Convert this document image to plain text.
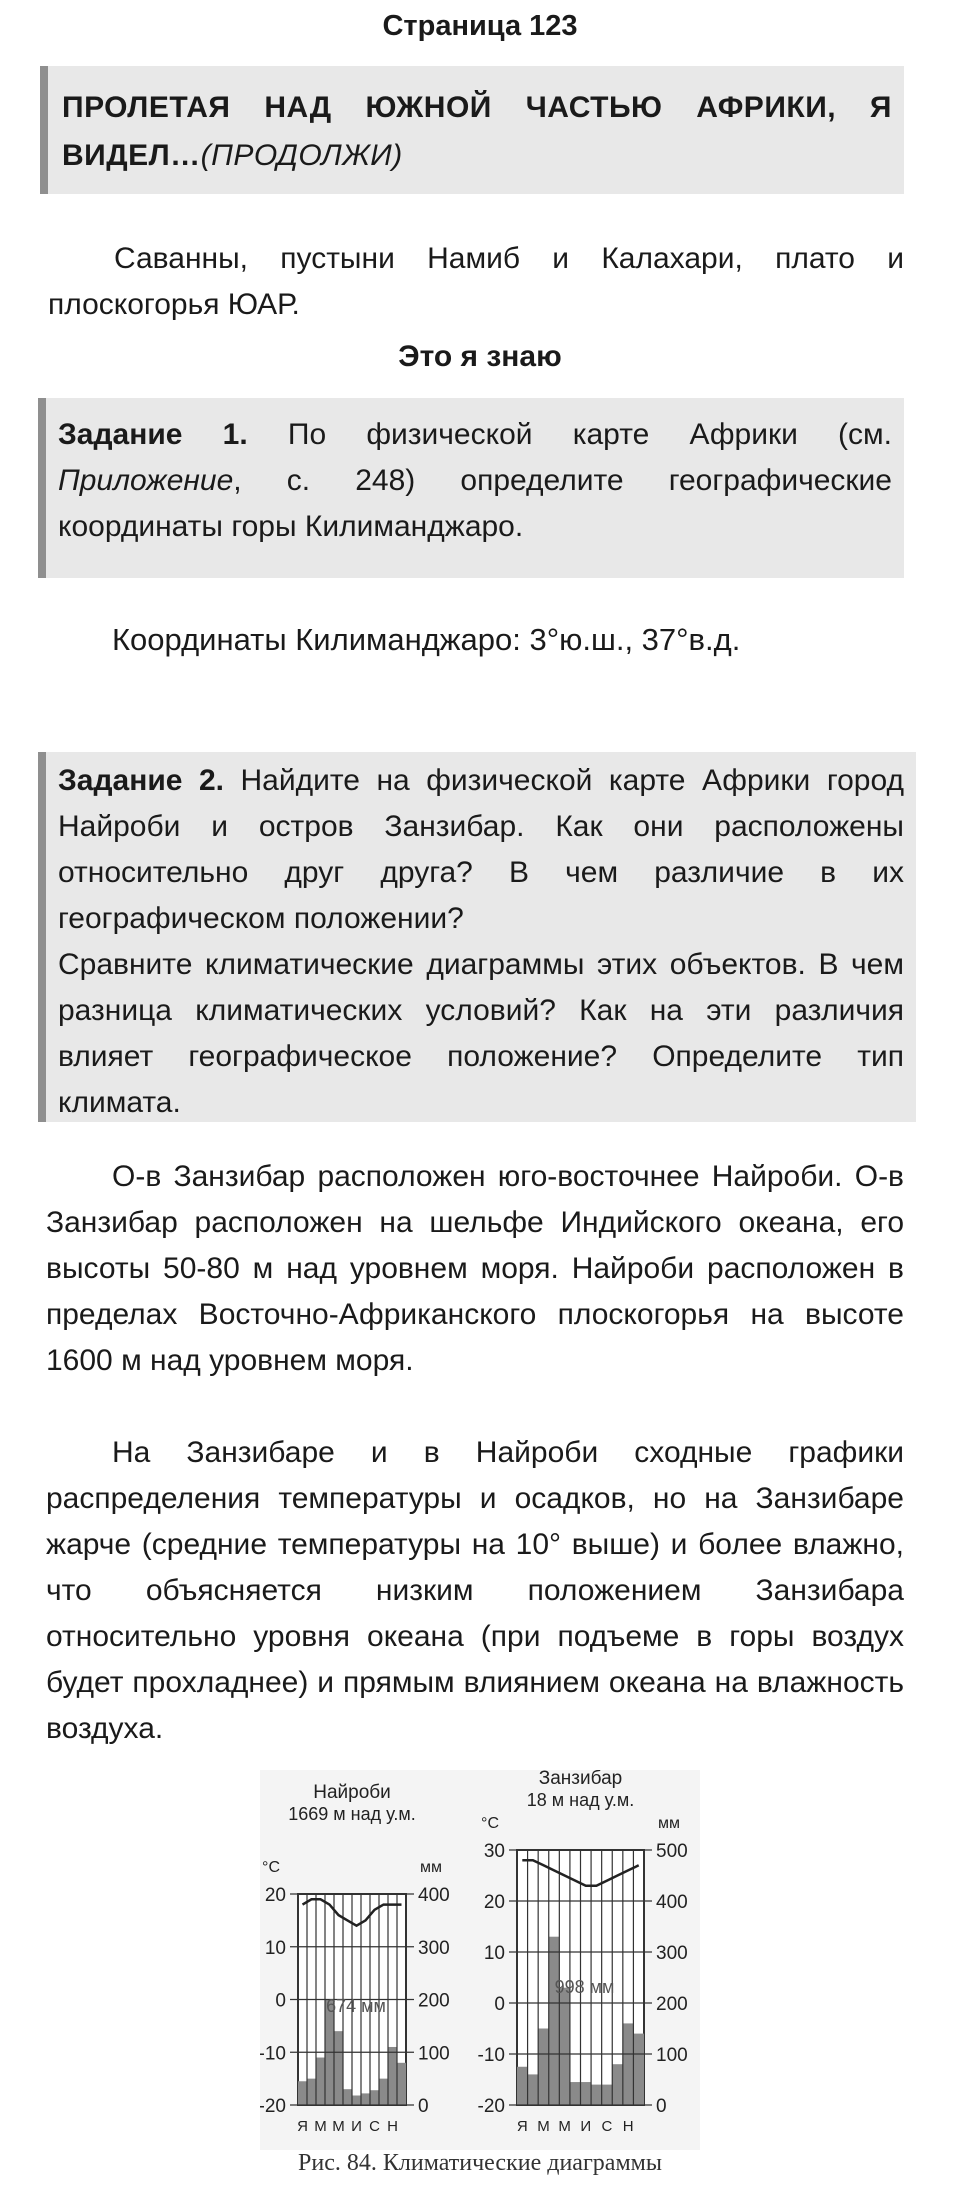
Страница 123
ПРОЛЕТАЯ НАД ЮЖНОЙ ЧАСТЬЮ АФРИКИ, Я ВИДЕЛ…(ПРОДОЛЖИ)
Саванны, пустыни Намиб и Калахари, плато и плоскогорья ЮАР.
Это я знаю
Задание 1. По физической карте Африки (см. Приложение, с. 248) определите географические координаты горы Килиманджаро.
Координаты Килиманджаро: 3°ю.ш., 37°в.д.
Задание 2. Найдите на физической карте Африки город Найроби и остров Занзибар. Как они расположены относительно друг друга? В чем различие в их географическом положении?
Сравните климатические диаграммы этих объектов. В чем разница климатических условий? Как на эти различия влияет географическое положение? Определите тип климата.
О-в Занзибар расположен юго-восточнее Найроби. О-в Занзибар расположен на шельфе Индийского океана, его высоты 50-80 м над уровнем моря. Найроби расположен в пределах Восточно-Африканского плоскогорья на высоте 1600 м над уровнем моря.
На Занзибаре и в Найроби сходные графики распределения температуры и осадков, но на Занзибаре жарче (средние температуры на 10° выше) и более влажно, что объясняется низким положением Занзибара относительно уровня океана (при подъеме в горы воздух будет прохладнее) и прямым влиянием океана на влажность воздуха.
Найроби
1669 м над у.м.
20	400
10	300
0	200
-10	100
-20	0
°C	мм
674 мм
Я М М И С Н
Занзибар
18 м над у.м.
30	500
20	400
10	300
0	200
-10	100
-20	0
°C	мм
998 мм
Я М М И С Н
Рис. 84. Климатические диаграммы
